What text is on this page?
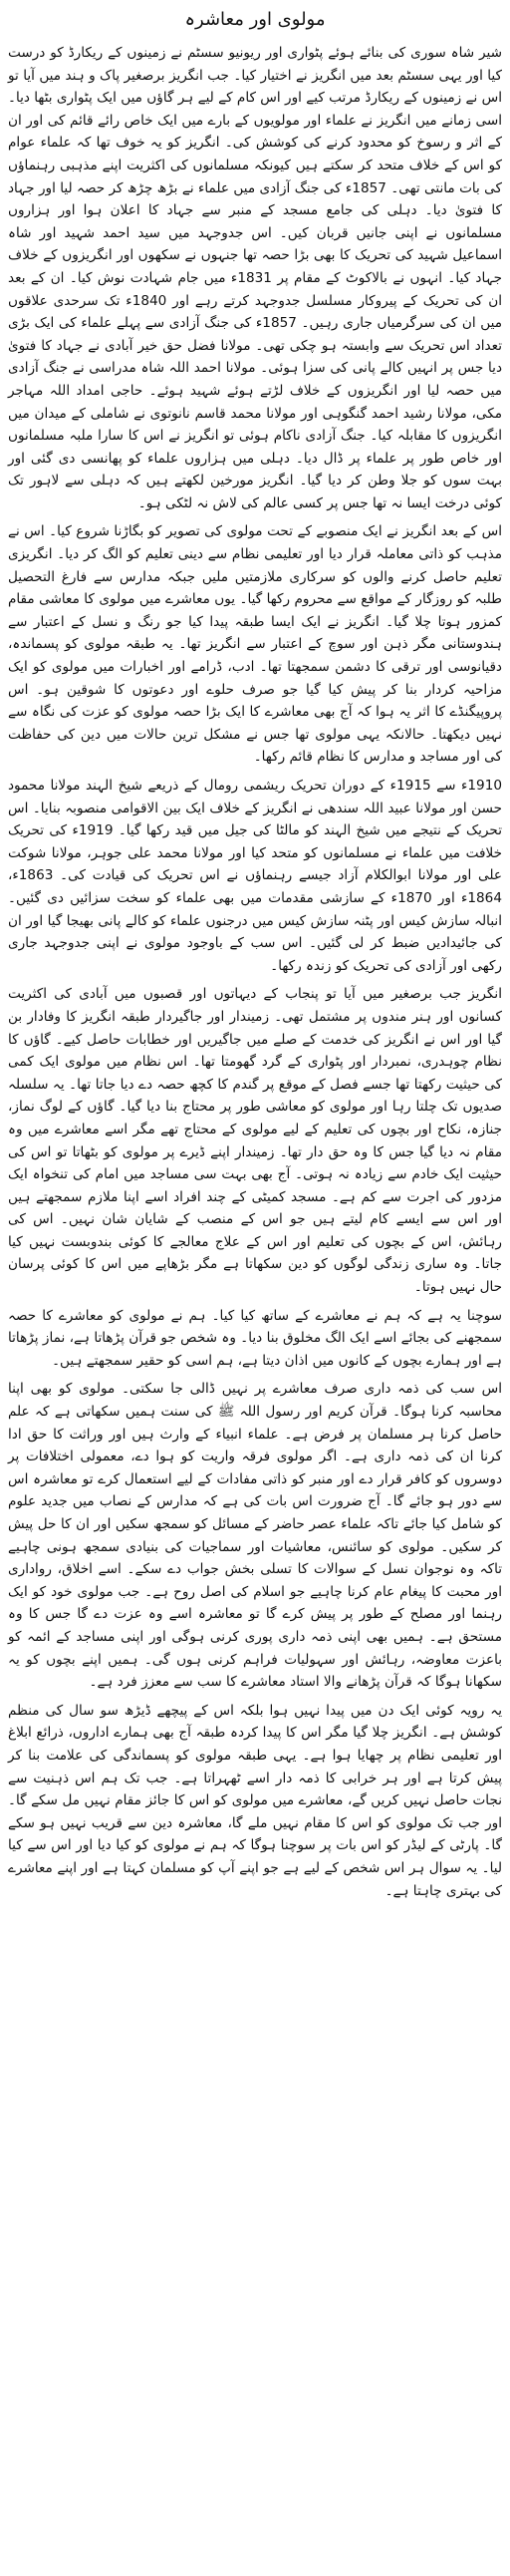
مولوی اور معاشرہ

شیر شاہ سوری کی بنائے ہوئے پٹواری اور ریونیو سسٹم نے زمینوں کے ریکارڈ کو درست کیا اور یہی سسٹم بعد میں انگریز نے اختیار کیا۔ جب انگریز برصغیر پاک و ہند میں آیا تو اس نے زمینوں کے ریکارڈ مرتب کیے اور اس کام کے لیے ہر گاؤں میں ایک پٹواری بٹھا دیا۔ اسی زمانے میں انگریز نے علماء اور مولویوں کے بارے میں ایک خاص رائے قائم کی اور ان کے اثر و رسوخ کو محدود کرنے کی کوشش کی۔ انگریز کو یہ خوف تھا کہ علماء عوام کو اس کے خلاف متحد کر سکتے ہیں کیونکہ مسلمانوں کی اکثریت اپنے مذہبی رہنماؤں کی بات مانتی تھی۔ 1857ء کی جنگ آزادی میں علماء نے بڑھ چڑھ کر حصہ لیا اور جہاد کا فتویٰ دیا۔ دہلی کی جامع مسجد کے منبر سے جہاد کا اعلان ہوا اور ہزاروں مسلمانوں نے اپنی جانیں قربان کیں۔ اس جدوجہد میں سید احمد شہید اور شاہ اسماعیل شہید کی تحریک کا بھی بڑا حصہ تھا جنہوں نے سکھوں اور انگریزوں کے خلاف جہاد کیا۔ انہوں نے بالاکوٹ کے مقام پر 1831ء میں جام شہادت نوش کیا۔ ان کے بعد ان کی تحریک کے پیروکار مسلسل جدوجہد کرتے رہے اور 1840ء تک سرحدی علاقوں میں ان کی سرگرمیاں جاری رہیں۔ 1857ء کی جنگ آزادی سے پہلے علماء کی ایک بڑی تعداد اس تحریک سے وابستہ ہو چکی تھی۔ مولانا فضل حق خیر آبادی نے جہاد کا فتویٰ دیا جس پر انہیں کالے پانی کی سزا ہوئی۔ مولانا احمد اللہ شاہ مدراسی نے جنگ آزادی میں حصہ لیا اور انگریزوں کے خلاف لڑتے ہوئے شہید ہوئے۔ حاجی امداد اللہ مہاجر مکی، مولانا رشید احمد گنگوہی اور مولانا محمد قاسم نانوتوی نے شاملی کے میدان میں انگریزوں کا مقابلہ کیا۔ جنگ آزادی ناکام ہوئی تو انگریز نے اس کا سارا ملبہ مسلمانوں اور خاص طور پر علماء پر ڈال دیا۔ دہلی میں ہزاروں علماء کو پھانسی دی گئی اور بہت سوں کو جلا وطن کر دیا گیا۔ انگریز مورخین لکھتے ہیں کہ دہلی سے لاہور تک کوئی درخت ایسا نہ تھا جس پر کسی عالم کی لاش نہ لٹکی ہو۔

اس کے بعد انگریز نے ایک منصوبے کے تحت مولوی کی تصویر کو بگاڑنا شروع کیا۔ اس نے مذہب کو ذاتی معاملہ قرار دیا اور تعلیمی نظام سے دینی تعلیم کو الگ کر دیا۔ انگریزی تعلیم حاصل کرنے والوں کو سرکاری ملازمتیں ملیں جبکہ مدارس سے فارغ التحصیل طلبہ کو روزگار کے مواقع سے محروم رکھا گیا۔ یوں معاشرے میں مولوی کا معاشی مقام کمزور ہوتا چلا گیا۔ انگریز نے ایک ایسا طبقہ پیدا کیا جو رنگ و نسل کے اعتبار سے ہندوستانی مگر ذہن اور سوچ کے اعتبار سے انگریز تھا۔ یہ طبقہ مولوی کو پسماندہ، دقیانوسی اور ترقی کا دشمن سمجھتا تھا۔ ادب، ڈرامے اور اخبارات میں مولوی کو ایک مزاحیہ کردار بنا کر پیش کیا گیا جو صرف حلوے اور دعوتوں کا شوقین ہو۔ اس پروپیگنڈے کا اثر یہ ہوا کہ آج بھی معاشرے کا ایک بڑا حصہ مولوی کو عزت کی نگاہ سے نہیں دیکھتا۔ حالانکہ یہی مولوی تھا جس نے مشکل ترین حالات میں دین کی حفاظت کی اور مساجد و مدارس کا نظام قائم رکھا۔

1910ء سے 1915ء کے دوران تحریک ریشمی رومال کے ذریعے شیخ الہند مولانا محمود حسن اور مولانا عبید اللہ سندھی نے انگریز کے خلاف ایک بین الاقوامی منصوبہ بنایا۔ اس تحریک کے نتیجے میں شیخ الہند کو مالٹا کی جیل میں قید رکھا گیا۔ 1919ء کی تحریک خلافت میں علماء نے مسلمانوں کو متحد کیا اور مولانا محمد علی جوہر، مولانا شوکت علی اور مولانا ابوالکلام آزاد جیسے رہنماؤں نے اس تحریک کی قیادت کی۔ 1863ء، 1864ء اور 1870ء کے سازشی مقدمات میں بھی علماء کو سخت سزائیں دی گئیں۔ انبالہ سازش کیس اور پٹنہ سازش کیس میں درجنوں علماء کو کالے پانی بھیجا گیا اور ان کی جائیدادیں ضبط کر لی گئیں۔ اس سب کے باوجود مولوی نے اپنی جدوجہد جاری رکھی اور آزادی کی تحریک کو زندہ رکھا۔

انگریز جب برصغیر میں آیا تو پنجاب کے دیہاتوں اور قصبوں میں آبادی کی اکثریت کسانوں اور ہنر مندوں پر مشتمل تھی۔ زمیندار اور جاگیردار طبقہ انگریز کا وفادار بن گیا اور اس نے انگریز کی خدمت کے صلے میں جاگیریں اور خطابات حاصل کیے۔ گاؤں کا نظام چوہدری، نمبردار اور پٹواری کے گرد گھومتا تھا۔ اس نظام میں مولوی ایک کمی کی حیثیت رکھتا تھا جسے فصل کے موقع پر گندم کا کچھ حصہ دے دیا جاتا تھا۔ یہ سلسلہ صدیوں تک چلتا رہا اور مولوی کو معاشی طور پر محتاج بنا دیا گیا۔ گاؤں کے لوگ نماز، جنازہ، نکاح اور بچوں کی تعلیم کے لیے مولوی کے محتاج تھے مگر اسے معاشرے میں وہ مقام نہ دیا گیا جس کا وہ حق دار تھا۔ زمیندار اپنے ڈیرے پر مولوی کو بٹھاتا تو اس کی حیثیت ایک خادم سے زیادہ نہ ہوتی۔ آج بھی بہت سی مساجد میں امام کی تنخواہ ایک مزدور کی اجرت سے کم ہے۔ مسجد کمیٹی کے چند افراد اسے اپنا ملازم سمجھتے ہیں اور اس سے ایسے کام لیتے ہیں جو اس کے منصب کے شایان شان نہیں۔ اس کی رہائش، اس کے بچوں کی تعلیم اور اس کے علاج معالجے کا کوئی بندوبست نہیں کیا جاتا۔ وہ ساری زندگی لوگوں کو دین سکھاتا ہے مگر بڑھاپے میں اس کا کوئی پرسان حال نہیں ہوتا۔

سوچنا یہ ہے کہ ہم نے معاشرے کے ساتھ کیا کیا۔ ہم نے مولوی کو معاشرے کا حصہ سمجھنے کی بجائے اسے ایک الگ مخلوق بنا دیا۔ وہ شخص جو قرآن پڑھاتا ہے، نماز پڑھاتا ہے اور ہمارے بچوں کے کانوں میں اذان دیتا ہے، ہم اسی کو حقیر سمجھتے ہیں۔

اس سب کی ذمہ داری صرف معاشرے پر نہیں ڈالی جا سکتی۔ مولوی کو بھی اپنا محاسبہ کرنا ہوگا۔ قرآن کریم اور رسول اللہ ﷺ کی سنت ہمیں سکھاتی ہے کہ علم حاصل کرنا ہر مسلمان پر فرض ہے۔ علماء انبیاء کے وارث ہیں اور وراثت کا حق ادا کرنا ان کی ذمہ داری ہے۔ اگر مولوی فرقہ واریت کو ہوا دے، معمولی اختلافات پر دوسروں کو کافر قرار دے اور منبر کو ذاتی مفادات کے لیے استعمال کرے تو معاشرہ اس سے دور ہو جائے گا۔ آج ضرورت اس بات کی ہے کہ مدارس کے نصاب میں جدید علوم کو شامل کیا جائے تاکہ علماء عصر حاضر کے مسائل کو سمجھ سکیں اور ان کا حل پیش کر سکیں۔ مولوی کو سائنس، معاشیات اور سماجیات کی بنیادی سمجھ ہونی چاہیے تاکہ وہ نوجوان نسل کے سوالات کا تسلی بخش جواب دے سکے۔ اسے اخلاق، رواداری اور محبت کا پیغام عام کرنا چاہیے جو اسلام کی اصل روح ہے۔ جب مولوی خود کو ایک رہنما اور مصلح کے طور پر پیش کرے گا تو معاشرہ اسے وہ عزت دے گا جس کا وہ مستحق ہے۔ ہمیں بھی اپنی ذمہ داری پوری کرنی ہوگی اور اپنی مساجد کے ائمہ کو باعزت معاوضہ، رہائش اور سہولیات فراہم کرنی ہوں گی۔ ہمیں اپنے بچوں کو یہ سکھانا ہوگا کہ قرآن پڑھانے والا استاد معاشرے کا سب سے معزز فرد ہے۔

یہ رویہ کوئی ایک دن میں پیدا نہیں ہوا بلکہ اس کے پیچھے ڈیڑھ سو سال کی منظم کوشش ہے۔ انگریز چلا گیا مگر اس کا پیدا کردہ طبقہ آج بھی ہمارے اداروں، ذرائع ابلاغ اور تعلیمی نظام پر چھایا ہوا ہے۔ یہی طبقہ مولوی کو پسماندگی کی علامت بنا کر پیش کرتا ہے اور ہر خرابی کا ذمہ دار اسے ٹھہراتا ہے۔ جب تک ہم اس ذہنیت سے نجات حاصل نہیں کریں گے، معاشرے میں مولوی کو اس کا جائز مقام نہیں مل سکے گا۔ اور جب تک مولوی کو اس کا مقام نہیں ملے گا، معاشرہ دین سے قریب نہیں ہو سکے گا۔ پارٹی کے لیڈر کو اس بات پر سوچنا ہوگا کہ ہم نے مولوی کو کیا دیا اور اس سے کیا لیا۔ یہ سوال ہر اس شخص کے لیے ہے جو اپنے آپ کو مسلمان کہتا ہے اور اپنے معاشرے کی بہتری چاہتا ہے۔
